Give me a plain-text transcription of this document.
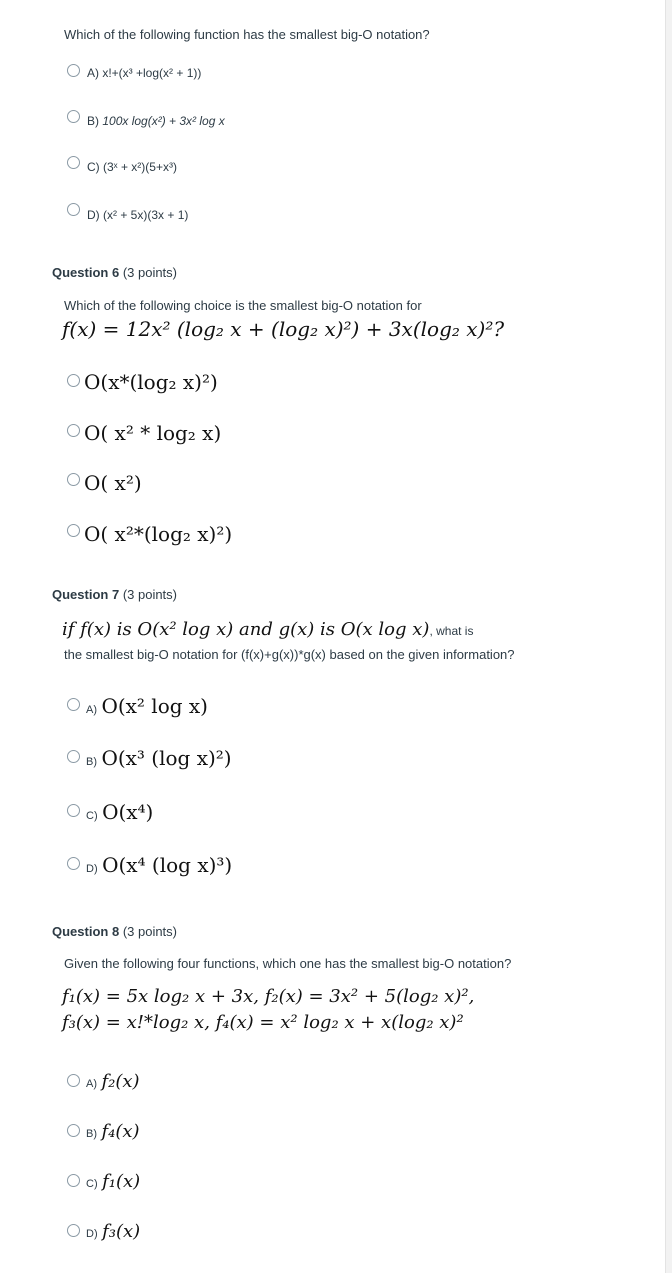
Which of the following function has the smallest big-O notation?
A) x!+(x³ +log(x² + 1))
B) 100x log(x²) + 3x² log x
C) (3ˣ + x²)(5+x³)
D) (x² + 5x)(3x + 1)
Question 6 (3 points)
Which of the following choice is the smallest big-O notation for
f(x) = 12x² (log₂ x + (log₂ x)²) + 3x(log₂ x)²?
O(x*(log₂ x)²)
O( x² * log₂ x)
O( x²)
O( x²*(log₂ x)²)
Question 7 (3 points)
if f(x) is O(x² log x) and g(x) is O(x log x), what is
the smallest big-O notation for (f(x)+g(x))*g(x) based on the given information?
A) O(x² log x)
B) O(x³ (log x)²)
C) O(x⁴)
D) O(x⁴ (log x)³)
Question 8 (3 points)
Given the following four functions, which one has the smallest big-O notation?
f₁(x) = 5x log₂ x + 3x, f₂(x) = 3x² + 5(log₂ x)²,
f₃(x) = x!*log₂ x, f₄(x) = x² log₂ x + x(log₂ x)²
A) f₂(x)
B) f₄(x)
C) f₁(x)
D) f₃(x)
